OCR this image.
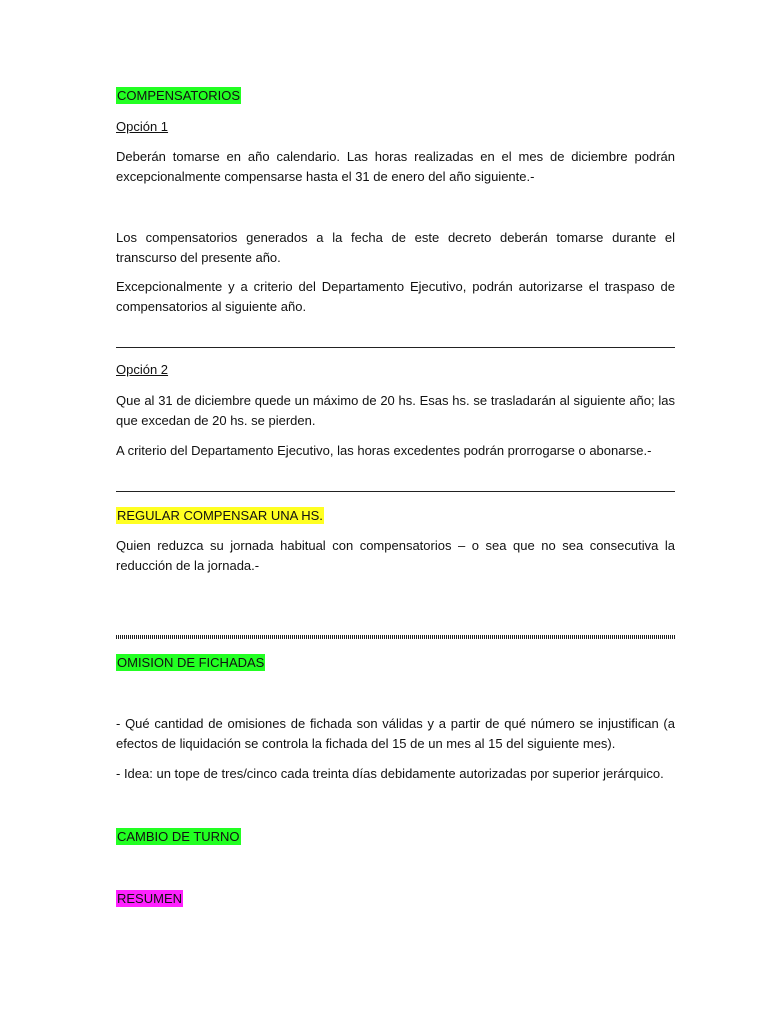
COMPENSATORIOS
Opción 1
Deberán tomarse en año calendario. Las horas realizadas en el mes de diciembre podrán excepcionalmente compensarse hasta el 31 de enero del año siguiente.-
Los compensatorios generados a la fecha de este decreto deberán tomarse durante el transcurso del presente año.
Excepcionalmente y a criterio del Departamento Ejecutivo, podrán autorizarse el traspaso de compensatorios al siguiente año.
Opción 2
Que al 31 de diciembre quede un máximo de 20 hs. Esas hs. se trasladarán al siguiente año; las que excedan de 20 hs. se pierden.
A criterio del Departamento Ejecutivo, las horas excedentes podrán prorrogarse o abonarse.-
REGULAR COMPENSAR UNA HS.
Quien reduzca su jornada habitual con compensatorios – o sea que no sea consecutiva la reducción de la jornada.-
OMISION DE FICHADAS
- Qué cantidad de omisiones de fichada son válidas y a partir de qué número se injustifican (a efectos de liquidación se controla la fichada del 15 de un mes al 15 del siguiente mes).
- Idea: un tope de tres/cinco cada treinta días debidamente autorizadas por superior jerárquico.
CAMBIO DE TURNO
RESUMEN
